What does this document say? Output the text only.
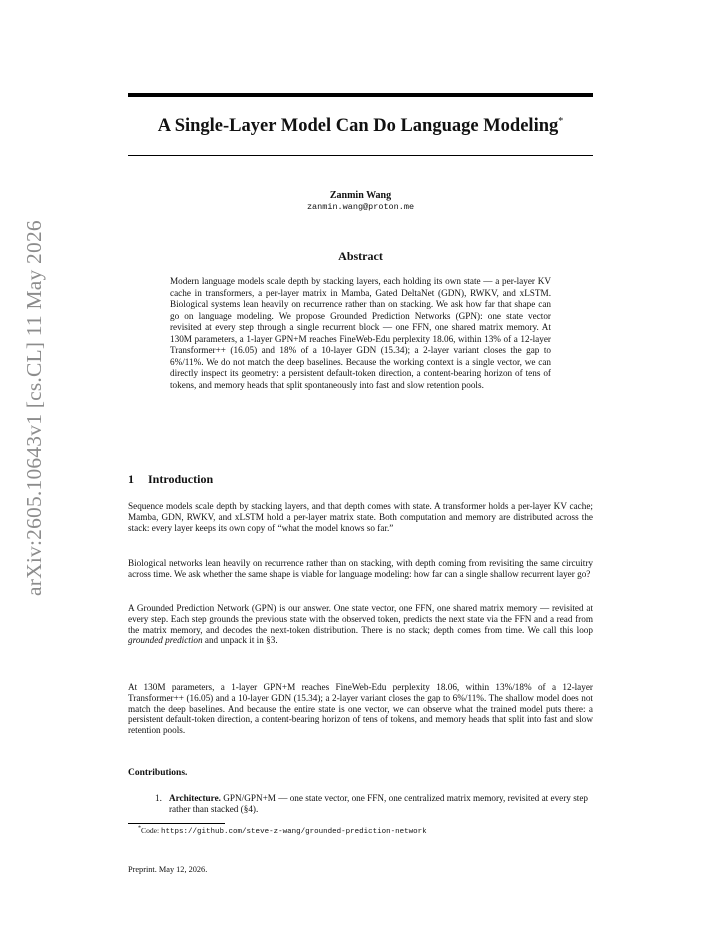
arXiv:2605.10643v1 [cs.CL] 11 May 2026
A Single-Layer Model Can Do Language Modeling*
Zanmin Wang
zanmin.wang@proton.me
Abstract

Modern language models scale depth by stacking layers, each holding its own state — a per-layer KV cache in transformers, a per-layer matrix in Mamba, Gated DeltaNet (GDN), RWKV, and xLSTM. Biological systems lean heavily on recurrence rather than on stacking. We ask how far that shape can go on language modeling. We propose Grounded Prediction Networks (GPN): one state vector revisited at every step through a single recurrent block — one FFN, one shared matrix memory. At 130M parameters, a 1-layer GPN+M reaches FineWeb-Edu perplexity 18.06, within 13% of a 12-layer Transformer++ (16.05) and 18% of a 10-layer GDN (15.34); a 2-layer variant closes the gap to 6%/11%. We do not match the deep baselines. Because the working context is a single vector, we can directly inspect its geometry: a persistent default-token direction, a content-bearing horizon of tens of tokens, and memory heads that split spontaneously into fast and slow retention pools.

1 Introduction

Sequence models scale depth by stacking layers, and that depth comes with state. A transformer holds a per-layer KV cache; Mamba, GDN, RWKV, and xLSTM hold a per-layer matrix state. Both computation and memory are distributed across the stack: every layer keeps its own copy of “what the model knows so far.”

Biological networks lean heavily on recurrence rather than on stacking, with depth coming from revisiting the same circuitry across time. We ask whether the same shape is viable for language modeling: how far can a single shallow recurrent layer go?

A Grounded Prediction Network (GPN) is our answer. One state vector, one FFN, one shared matrix memory — revisited at every step. Each step grounds the previous state with the observed token, predicts the next state via the FFN and a read from the matrix memory, and decodes the next-token distribution. There is no stack; depth comes from time. We call this loop grounded prediction and unpack it in §3.

At 130M parameters, a 1-layer GPN+M reaches FineWeb-Edu perplexity 18.06, within 13%/18% of a 12-layer Transformer++ (16.05) and a 10-layer GDN (15.34); a 2-layer variant closes the gap to 6%/11%. The shallow model does not match the deep baselines. And because the entire state is one vector, we can observe what the trained model puts there: a persistent default-token direction, a content-bearing horizon of tens of tokens, and memory heads that split into fast and slow retention pools.

Contributions.
1. Architecture. GPN/GPN+M — one state vector, one FFN, one centralized matrix memory, revisited at every step rather than stacked (§4).
*Code: https://github.com/steve-z-wang/grounded-prediction-network
Preprint. May 12, 2026.
